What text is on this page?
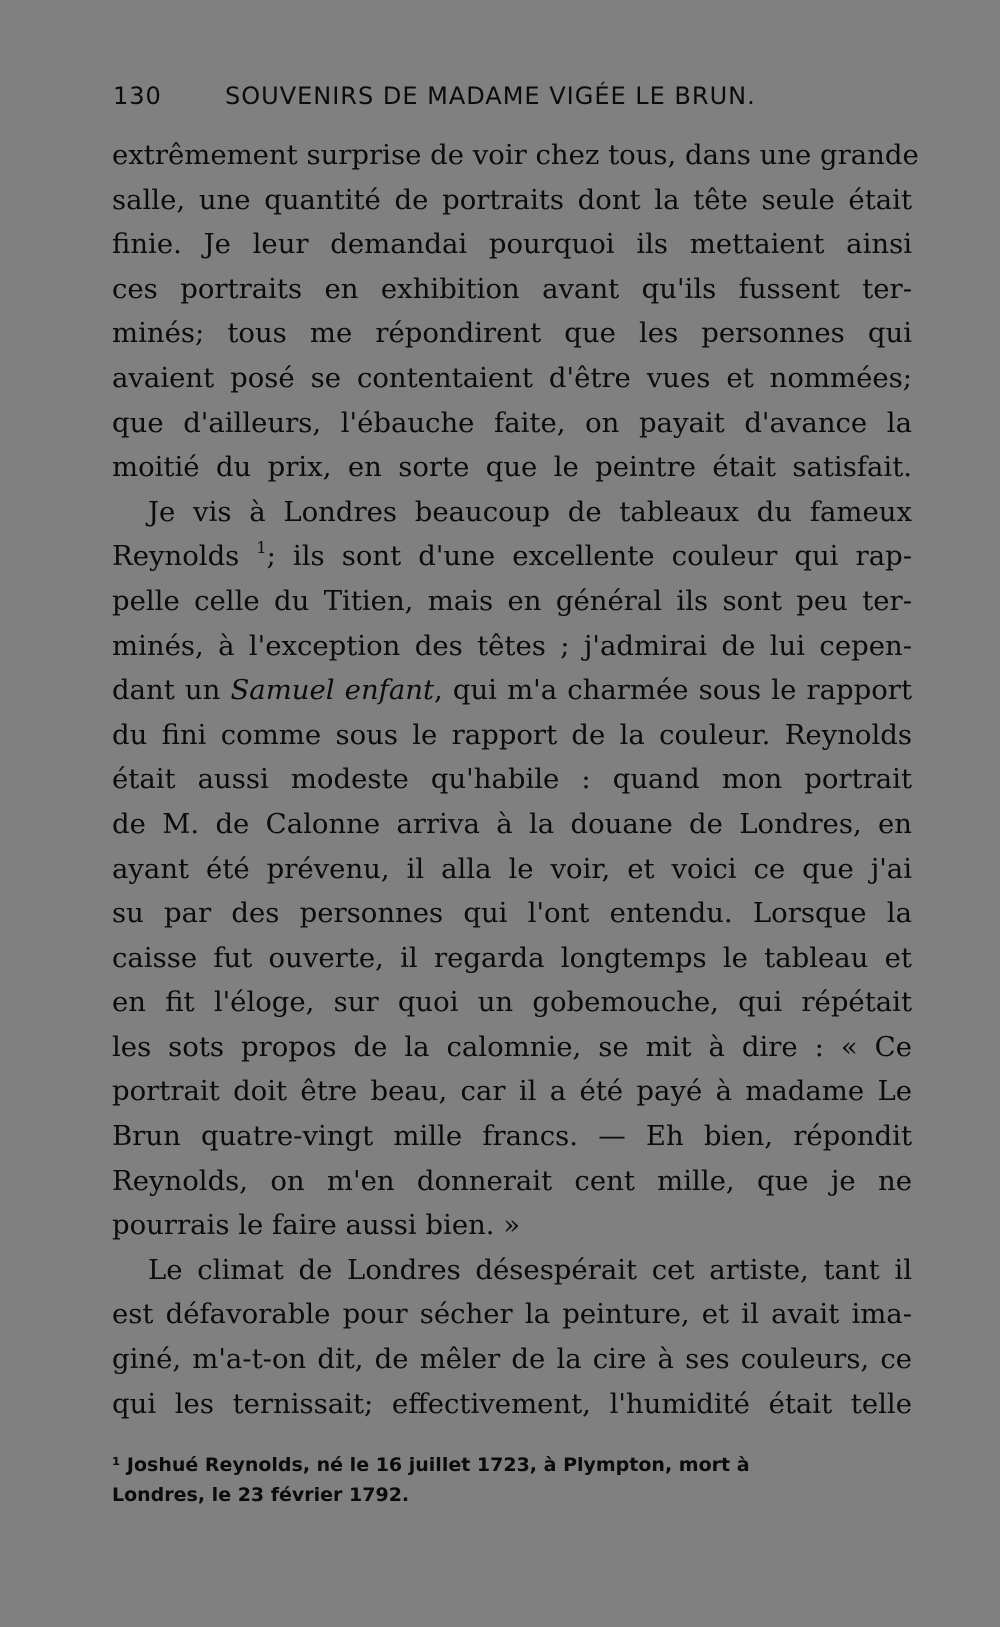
130	SOUVENIRS DE MADAME VIGÉE LE BRUN.
extrêmement surprise de voir chez tous, dans une grande
salle, une quantité de portraits dont la tête seule était
finie. Je leur demandai pourquoi ils mettaient ainsi
ces portraits en exhibition avant qu'ils fussent ter-
minés; tous me répondirent que les personnes qui
avaient posé se contentaient d'être vues et nommées;
que d'ailleurs, l'ébauche faite, on payait d'avance la
moitié du prix, en sorte que le peintre était satisfait.
Je vis à Londres beaucoup de tableaux du fameux
Reynolds $^1$; ils sont d'une excellente couleur qui rap-
pelle celle du Titien, mais en général ils sont peu ter-
minés, à l'exception des têtes ; j'admirai de lui cepen-
dant un Samuel enfant, qui m'a charmée sous le rapport
du fini comme sous le rapport de la couleur. Reynolds
était aussi modeste qu'habile : quand mon portrait
de M. de Calonne arriva à la douane de Londres, en
ayant été prévenu, il alla le voir, et voici ce que j'ai
su par des personnes qui l'ont entendu. Lorsque la
caisse fut ouverte, il regarda longtemps le tableau et
en fit l'éloge, sur quoi un gobemouche, qui répétait
les sots propos de la calomnie, se mit à dire : « Ce
portrait doit être beau, car il a été payé à madame Le
Brun quatre-vingt mille francs. — Eh bien, répondit
Reynolds, on m'en donnerait cent mille, que je ne
pourrais le faire aussi bien. »
Le climat de Londres désespérait cet artiste, tant il
est défavorable pour sécher la peinture, et il avait ima-
giné, m'a-t-on dit, de mêler de la cire à ses couleurs, ce
qui les ternissait; effectivement, l'humidité était telle
¹ Joshué Reynolds, né le 16 juillet 1723, à Plympton, mort à
Londres, le 23 février 1792.
